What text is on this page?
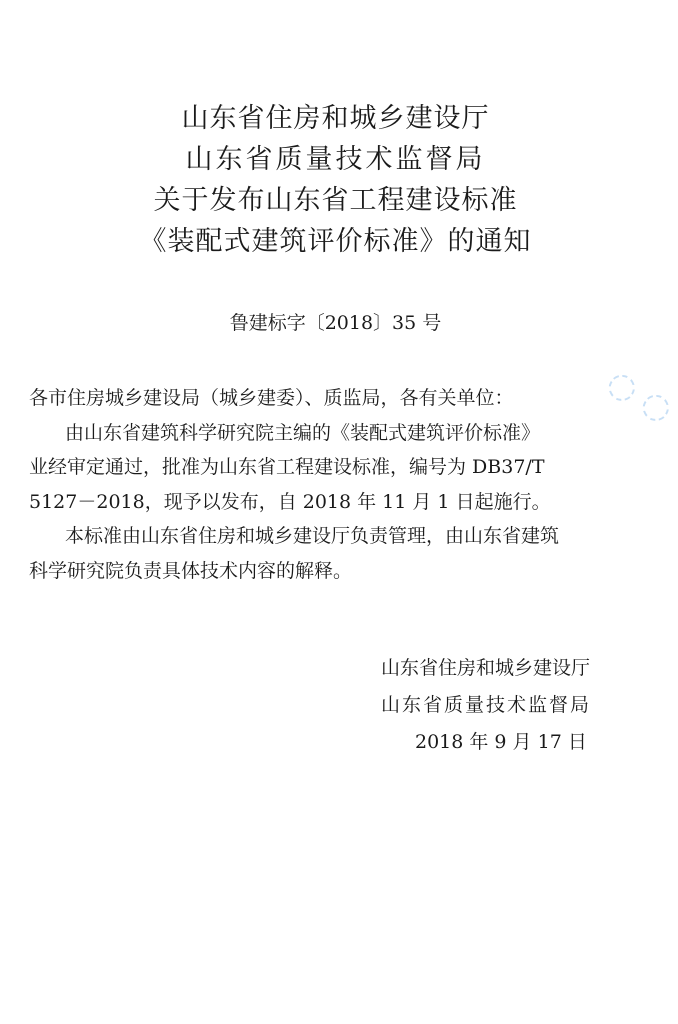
山东省住房和城乡建设厅
山东省质量技术监督局
关于发布山东省工程建设标准
《装配式建筑评价标准》的通知
鲁建标字〔2018〕35 号
各市住房城乡建设局（城乡建委）、质监局，各有关单位：
由山东省建筑科学研究院主编的《装配式建筑评价标准》
业经审定通过，批准为山东省工程建设标准，编号为 DB37/T
5127－2018，现予以发布，自 2018 年 11 月 1 日起施行。
本标准由山东省住房和城乡建设厅负责管理，由山东省建筑
科学研究院负责具体技术内容的解释。
山东省住房和城乡建设厅
山东省质量技术监督局
2018 年 9 月 17 日
◌
◌
